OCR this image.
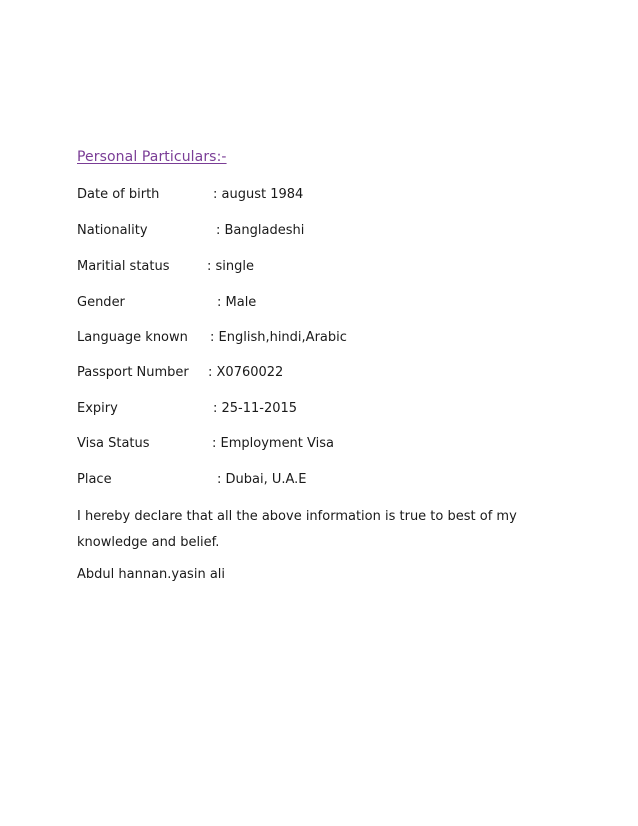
Personal Particulars:-
Date of birth	: august 1984
Nationality	: Bangladeshi
Maritial status	: single
Gender	: Male
Language known : English,hindi,Arabic
Passport Number : X0760022
Expiry	: 25-11-2015
Visa Status	: Employment Visa
Place	: Dubai, U.A.E

I hereby declare that all the above information is true to best of my knowledge and belief.

Abdul hannan.yasin ali
